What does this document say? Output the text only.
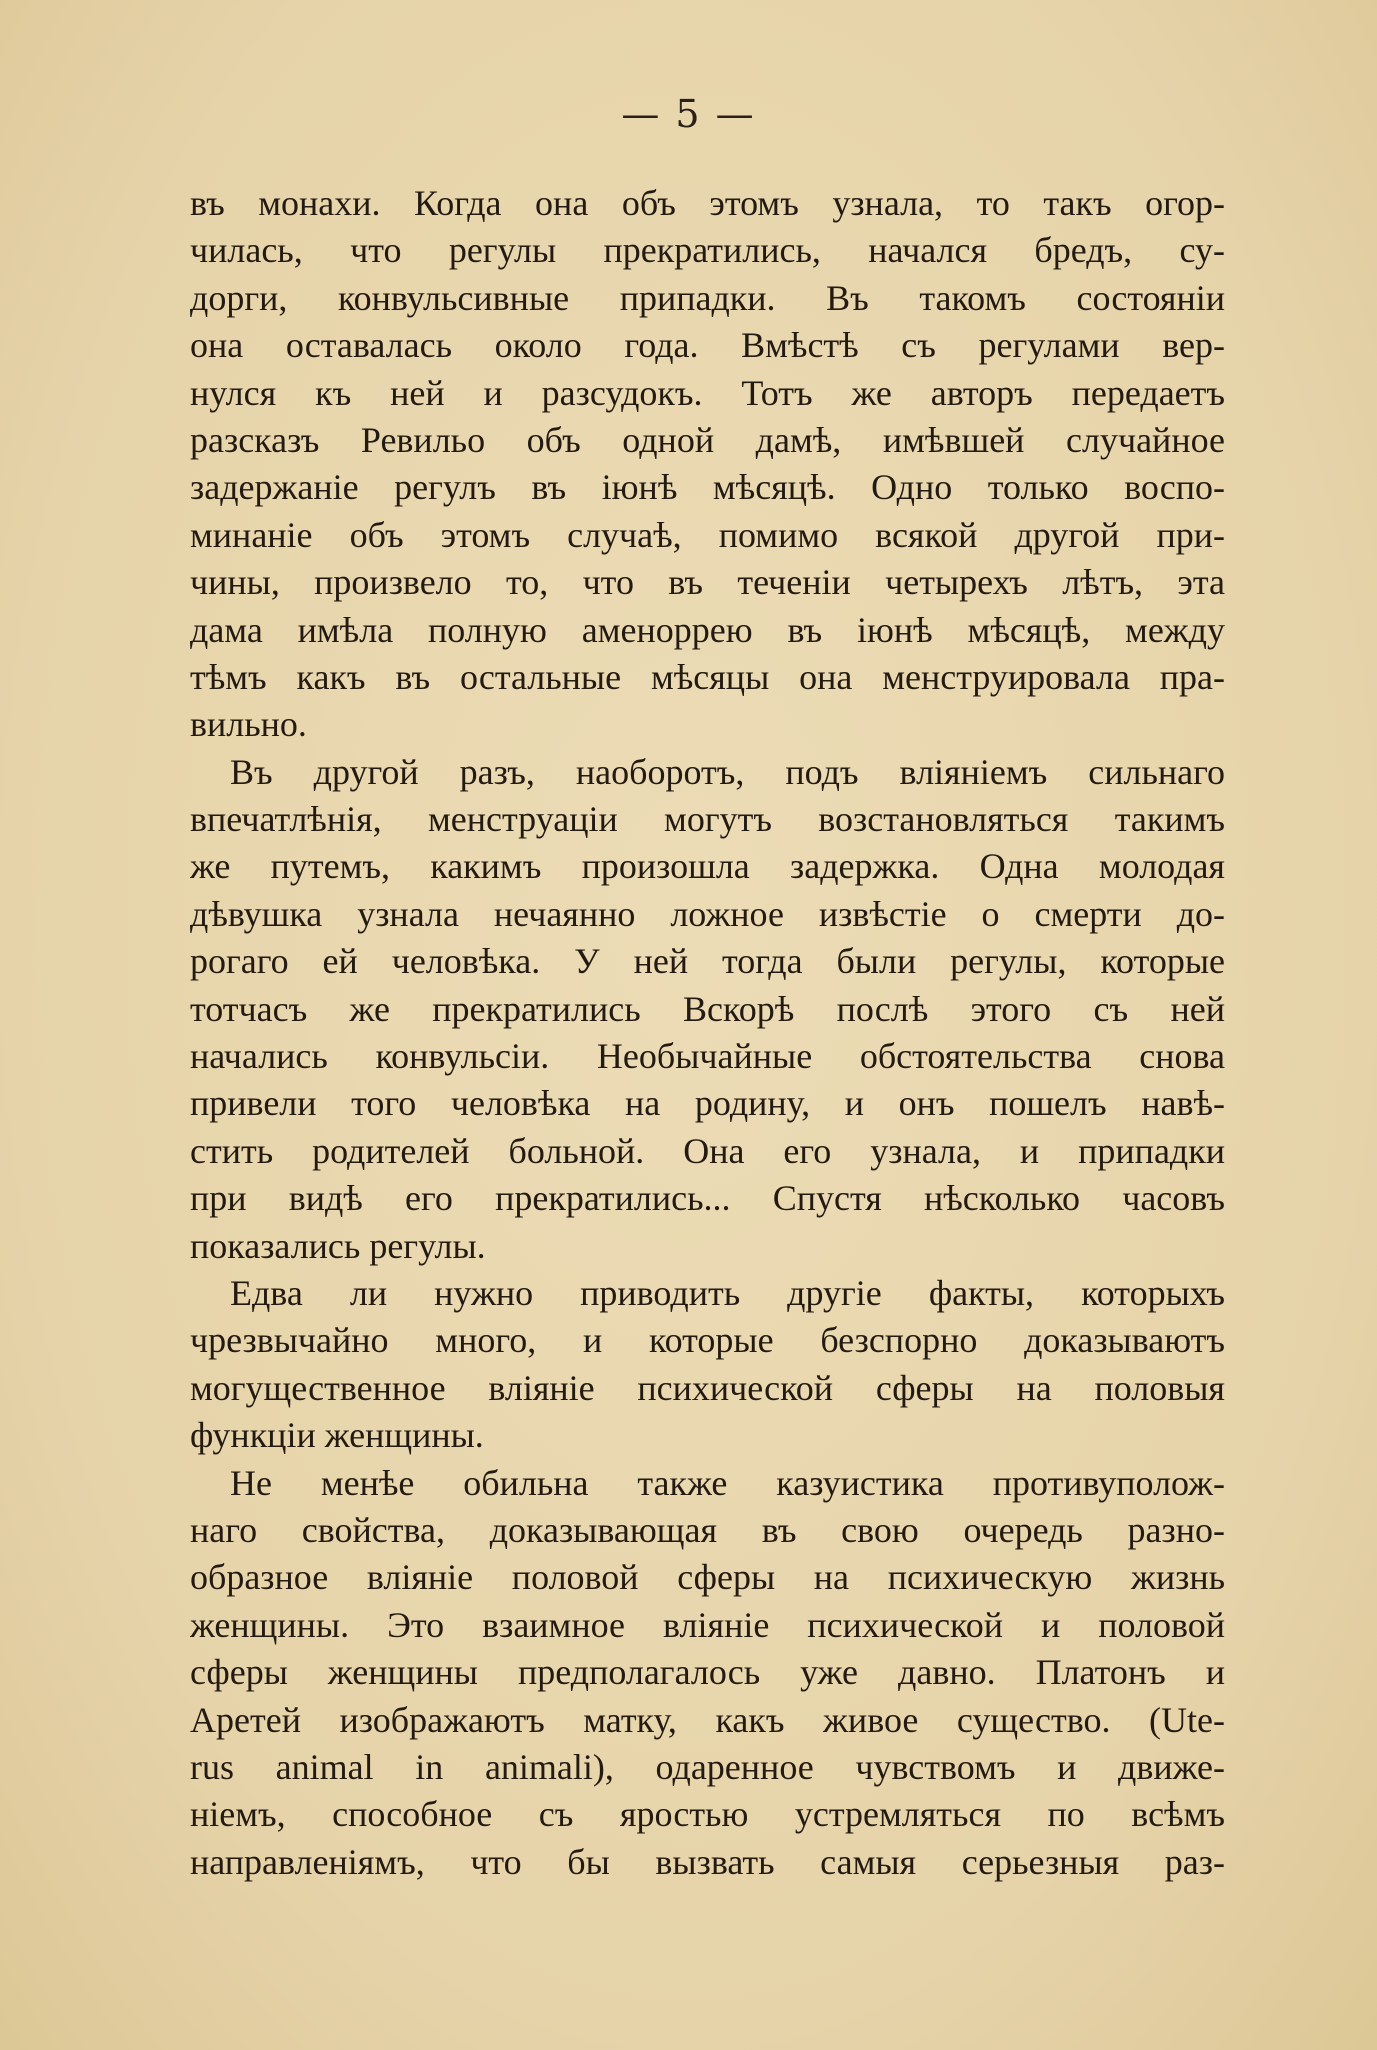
— 5 —
въ монахи. Когда она объ этомъ узнала, то такъ огор-
чилась, что регулы прекратились, начался бредъ, су-
дорги, конвульсивные припадки. Въ такомъ состояніи
она оставалась около года. Вмѣстѣ съ регулами вер-
нулся къ ней и разсудокъ. Тотъ же авторъ передаетъ
разсказъ Ревильо объ одной дамѣ, имѣвшей случайное
задержаніе регулъ въ іюнѣ мѣсяцѣ. Одно только воспо-
минаніе объ этомъ случаѣ, помимо всякой другой при-
чины, произвело то, что въ теченіи четырехъ лѣтъ, эта
дама имѣла полную аменоррею въ іюнѣ мѣсяцѣ, между
тѣмъ какъ въ остальные мѣсяцы она менструировала пра-
вильно.
Въ другой разъ, наоборотъ, подъ вліяніемъ сильнаго
впечатлѣнія, менструаціи могутъ возстановляться такимъ
же путемъ, какимъ произошла задержка. Одна молодая
дѣвушка узнала нечаянно ложное извѣстіе о смерти до-
рогаго ей человѣка. У ней тогда были регулы, которые
тотчасъ же прекратились Вскорѣ послѣ этого съ ней
начались конвульсіи. Необычайные обстоятельства снова
привели того человѣка на родину, и онъ пошелъ навѣ-
стить родителей больной. Она его узнала, и припадки
при видѣ его прекратились... Спустя нѣсколько часовъ
показались регулы.
Едва ли нужно приводить другіе факты, которыхъ
чрезвычайно много, и которые безспорно доказываютъ
могущественное вліяніе психической сферы на половыя
функціи женщины.
Не менѣе обильна также казуистика противуполож-
наго свойства, доказывающая въ свою очередь разно-
образное вліяніе половой сферы на психическую жизнь
женщины. Это взаимное вліяніе психической и половой
сферы женщины предполагалось уже давно. Платонъ и
Аретей изображаютъ матку, какъ живое существо. (Ute-
rus animal in animali), одаренное чувствомъ и движе-
ніемъ, способное съ яростью устремляться по всѣмъ
направленіямъ, что бы вызвать самыя серьезныя раз-
